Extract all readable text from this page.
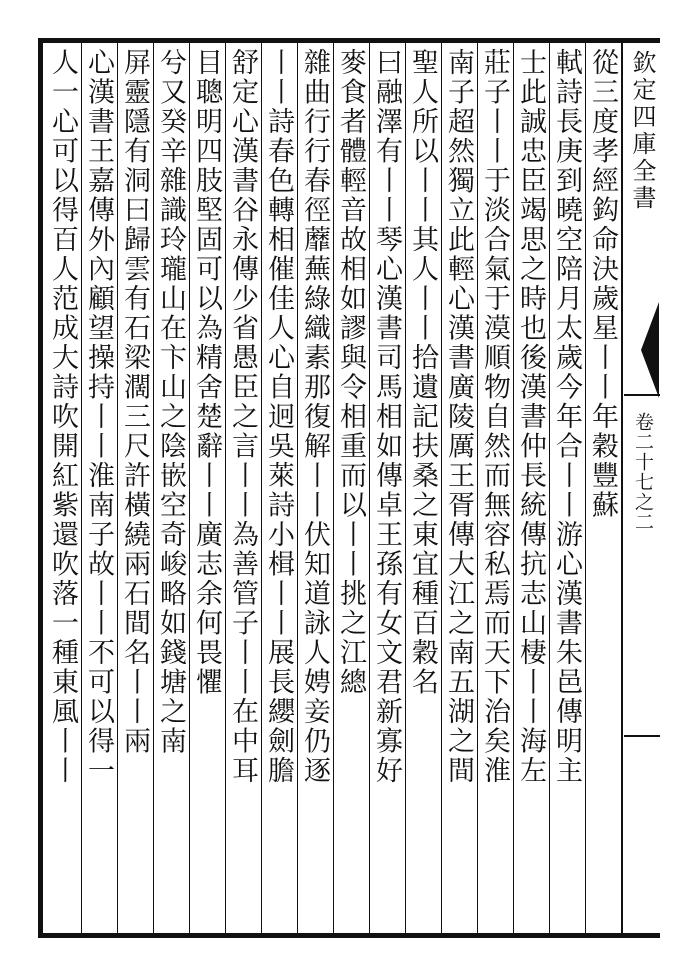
欽定四庫全書
卷二十七之二
從三度孝經鈎命決歲星丨丨年穀豐蘇
軾詩長庚到曉空陪月太歲今年合丨丨游心漢書朱邑傳明主
士此誠忠臣竭思之時也後漢書仲長統傳抗志山棲丨丨海左
莊子丨丨于淡合氣于漠順物自然而無容私焉而天下治矣淮
南子超然獨立此輕心漢書廣陵厲王胥傳大江之南五湖之間
聖人所以丨丨其人丨丨拾遺記扶桑之東宜種百穀名
曰融澤有丨丨琴心漢書司馬相如傳卓王孫有女文君新寡好
麥食者體輕音故相如謬與令相重而以丨丨挑之江總
雜曲行行春徑蘼蕪綠織素那復解丨丨伏知道詠人娉妾仍逐
丨丨詩春色轉相催佳人心自迥吳萊詩小楫丨丨展長纓劍膽
舒定心漢書谷永傳少省愚臣之言丨丨為善管子丨丨在中耳
目聰明四肢堅固可以為精舍楚辭丨丨廣志余何畏懼
兮又癸辛雜識玲瓏山在卞山之陰嵌空奇峻略如錢塘之南
屏靈隱有洞曰歸雲有石梁濶三尺許橫繞兩石間名丨丨兩
心漢書王嘉傳外內顧望操持丨丨淮南子故丨丨不可以得一
人一心可以得百人范成大詩吹開紅紫還吹落一種東風丨丨
